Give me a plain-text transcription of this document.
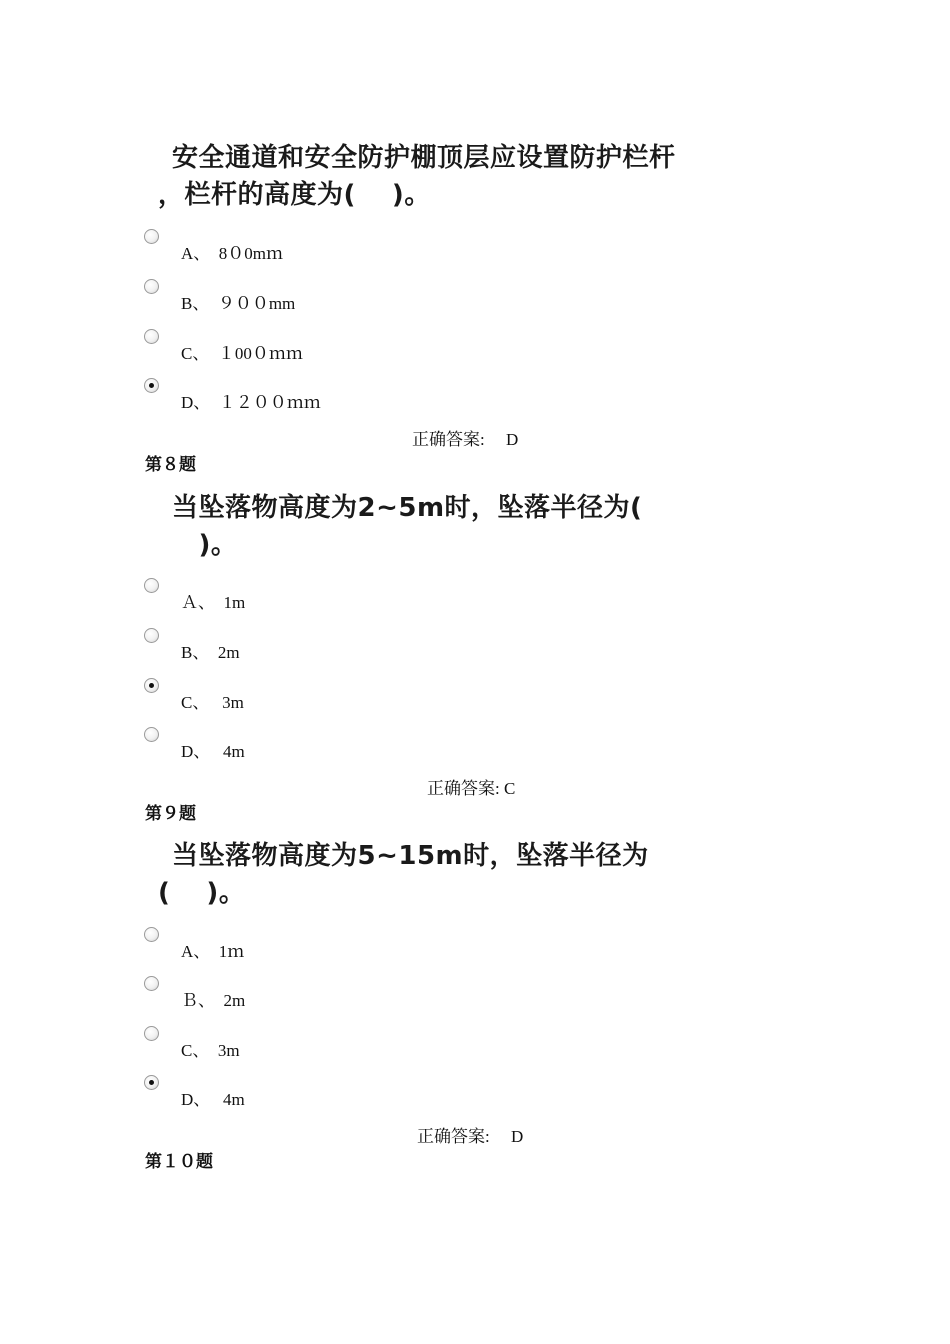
安全通道和安全防护棚顶层应设置防护栏杆
，栏杆的高度为(　 )。
A、　8０0mｍ
B、　９００mm
C、　１00０ｍｍ
D、　１２００ｍｍ
正确答案:　 D
第８题
当坠落物高度为2~5m时，坠落半径为(
　)。
Ａ、　1m
B、　2m
C、　 3m
D、　 4m
正确答案: C
第９题
当坠落物高度为5~15m时，坠落半径为
(　 )。
A、　1ｍ
Ｂ、　2m
C、　3m
D、　 4m
正确答案:　 D
第１０题
